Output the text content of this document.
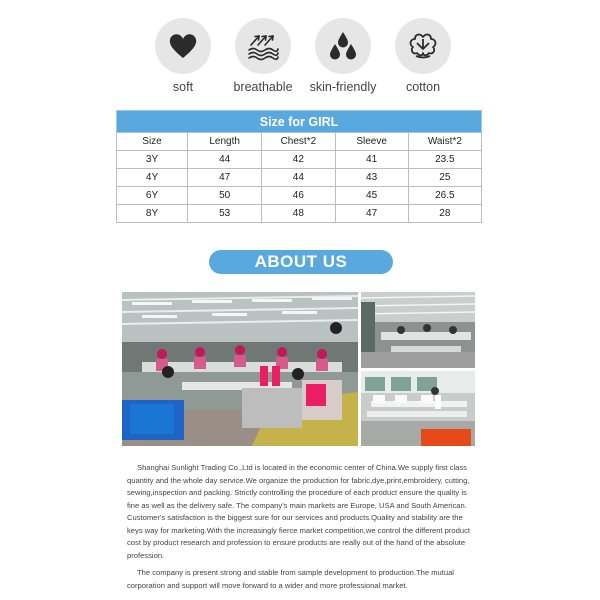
soft	breathable	skin-friendly	cotton
Size for GIRL				
Size	Length	Chest*2	Sleeve	Waist*2
3Y	44	42	41	23.5
4Y	47	44	43	25
6Y	50	46	45	26.5
8Y	53	48	47	28
ABOUT US

Shanghai Sunlight Trading Co.,Ltd is located in the economic center of China.We supply first class quantity and the whole day service.We organize the production for fabric,dye,print,embroidery, cutting, sewing,inspection and packing. Strictly controlling the procedure of each product ensure the quality is fine as well as the delivery safe. The company's main markets are Europe, USA and South American. Customer's satisfaction is the biggest sure for our services and products.Quality and stability are the keys way for marketing.With the increasingly fierce market competition,we control the different product cost by product research and profession to ensure products are really out of the hand of the absolute profession.

The company is present strong and stable from sample development to production.The mutual corporation and support will move forward to a wider and more professional market.
